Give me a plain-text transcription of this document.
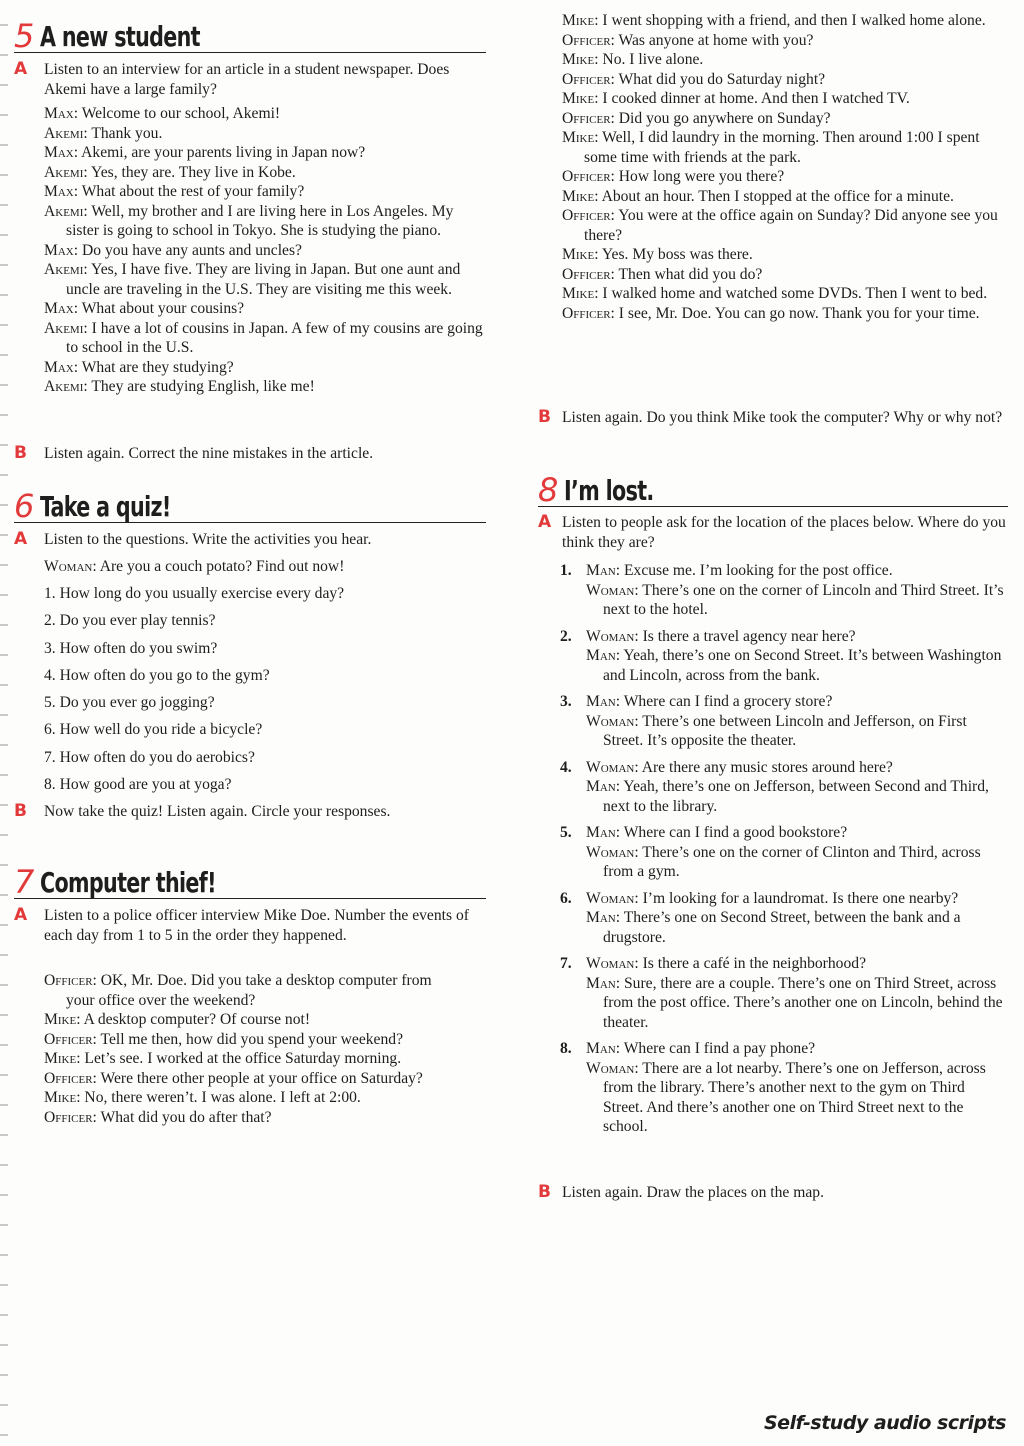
5 A new student
A Listen to an interview for an article in a student newspaper. Does Akemi have a large family?
Max: Welcome to our school, Akemi!
Akemi: Thank you.
Max: Akemi, are your parents living in Japan now?
Akemi: Yes, they are. They live in Kobe.
Max: What about the rest of your family?
Akemi: Well, my brother and I are living here in Los Angeles. My sister is going to school in Tokyo. She is studying the piano.
Max: Do you have any aunts and uncles?
Akemi: Yes, I have five. They are living in Japan. But one aunt and uncle are traveling in the U.S. They are visiting me this week.
Max: What about your cousins?
Akemi: I have a lot of cousins in Japan. A few of my cousins are going to school in the U.S.
Max: What are they studying?
Akemi: They are studying English, like me!
B Listen again. Correct the nine mistakes in the article.
6 Take a quiz!
A Listen to the questions. Write the activities you hear.
Woman: Are you a couch potato? Find out now!
1. How long do you usually exercise every day?
2. Do you ever play tennis?
3. How often do you swim?
4. How often do you go to the gym?
5. Do you ever go jogging?
6. How well do you ride a bicycle?
7. How often do you do aerobics?
8. How good are you at yoga?
B Now take the quiz! Listen again. Circle your responses.
7 Computer thief!
A Listen to a police officer interview Mike Doe. Number the events of each day from 1 to 5 in the order they happened.
Officer: OK, Mr. Doe. Did you take a desktop computer from your office over the weekend?
Mike: A desktop computer? Of course not!
Officer: Tell me then, how did you spend your weekend?
Mike: Let’s see. I worked at the office Saturday morning.
Officer: Were there other people at your office on Saturday?
Mike: No, there weren’t. I was alone. I left at 2:00.
Officer: What did you do after that?
Mike: I went shopping with a friend, and then I walked home alone.
Officer: Was anyone at home with you?
Mike: No. I live alone.
Officer: What did you do Saturday night?
Mike: I cooked dinner at home. And then I watched TV.
Officer: Did you go anywhere on Sunday?
Mike: Well, I did laundry in the morning. Then around 1:00 I spent some time with friends at the park.
Officer: How long were you there?
Mike: About an hour. Then I stopped at the office for a minute.
Officer: You were at the office again on Sunday? Did anyone see you there?
Mike: Yes. My boss was there.
Officer: Then what did you do?
Mike: I walked home and watched some DVDs. Then I went to bed.
Officer: I see, Mr. Doe. You can go now. Thank you for your time.
B Listen again. Do you think Mike took the computer? Why or why not?
8 I’m lost.
A Listen to people ask for the location of the places below. Where do you think they are?
1. Man: Excuse me. I’m looking for the post office.
Woman: There’s one on the corner of Lincoln and Third Street. It’s next to the hotel.
2. Woman: Is there a travel agency near here?
Man: Yeah, there’s one on Second Street. It’s between Washington and Lincoln, across from the bank.
3. Man: Where can I find a grocery store?
Woman: There’s one between Lincoln and Jefferson, on First Street. It’s opposite the theater.
4. Woman: Are there any music stores around here?
Man: Yeah, there’s one on Jefferson, between Second and Third, next to the library.
5. Man: Where can I find a good bookstore?
Woman: There’s one on the corner of Clinton and Third, across from a gym.
6. Woman: I’m looking for a laundromat. Is there one nearby?
Man: There’s one on Second Street, between the bank and a drugstore.
7. Woman: Is there a café in the neighborhood?
Man: Sure, there are a couple. There’s one on Third Street, across from the post office. There’s another one on Lincoln, behind the theater.
8. Man: Where can I find a pay phone?
Woman: There are a lot nearby. There’s one on Jefferson, across from the library. There’s another next to the gym on Third Street. And there’s another one on Third Street next to the school.
B Listen again. Draw the places on the map.
Self-study audio scripts
